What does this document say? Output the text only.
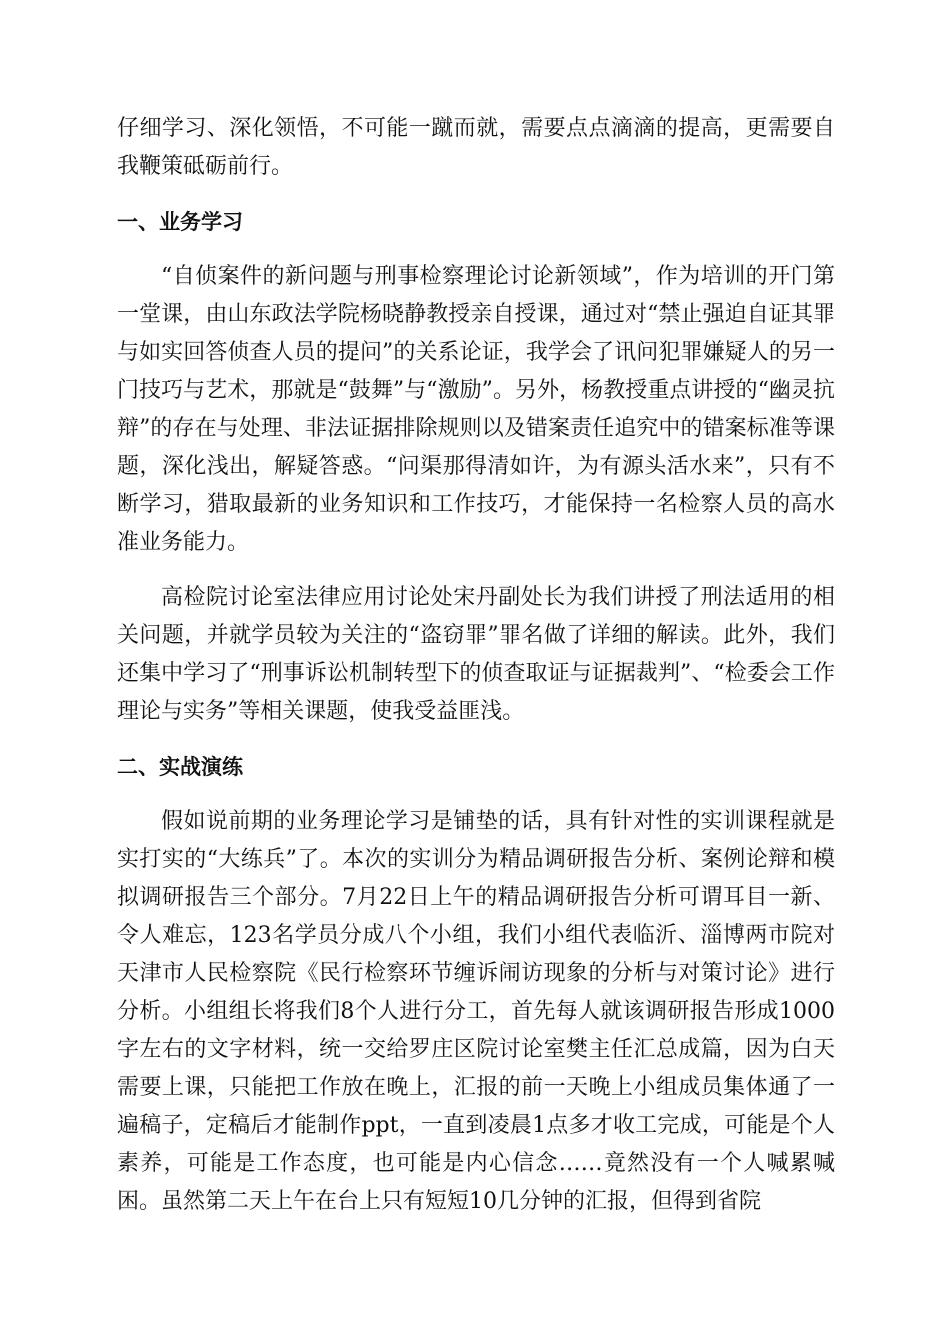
仔细学习、深化领悟，不可能一蹴而就，需要点点滴滴的提高，更需要自我鞭策砥砺前行。

一、业务学习

“自侦案件的新问题与刑事检察理论讨论新领域”，作为培训的开门第一堂课，由山东政法学院杨晓静教授亲自授课，通过对“禁止强迫自证其罪与如实回答侦查人员的提问”的关系论证，我学会了讯问犯罪嫌疑人的另一门技巧与艺术，那就是“鼓舞”与“激励”。另外，杨教授重点讲授的“幽灵抗辩”的存在与处理、非法证据排除规则以及错案责任追究中的错案标准等课题，深化浅出，解疑答惑。“问渠那得清如许，为有源头活水来”，只有不断学习，猎取最新的业务知识和工作技巧，才能保持一名检察人员的高水准业务能力。

高检院讨论室法律应用讨论处宋丹副处长为我们讲授了刑法适用的相关问题，并就学员较为关注的“盗窃罪”罪名做了详细的解读。此外，我们还集中学习了“刑事诉讼机制转型下的侦查取证与证据裁判”、“检委会工作理论与实务”等相关课题，使我受益匪浅。

二、实战演练

假如说前期的业务理论学习是铺垫的话，具有针对性的实训课程就是实打实的“大练兵”了。本次的实训分为精品调研报告分析、案例论辩和模拟调研报告三个部分。7月22日上午的精品调研报告分析可谓耳目一新、令人难忘，123名学员分成八个小组，我们小组代表临沂、淄博两市院对天津市人民检察院《民行检察环节缠诉闹访现象的分析与对策讨论》进行分析。小组组长将我们8个人进行分工，首先每人就该调研报告形成1000字左右的文字材料，统一交给罗庄区院讨论室樊主任汇总成篇，因为白天需要上课，只能把工作放在晚上，汇报的前一天晚上小组成员集体通了一遍稿子，定稿后才能制作ppt，一直到凌晨1点多才收工完成，可能是个人素养，可能是工作态度，也可能是内心信念……竟然没有一个人喊累喊困。虽然第二天上午在台上只有短短10几分钟的汇报，但得到省院
